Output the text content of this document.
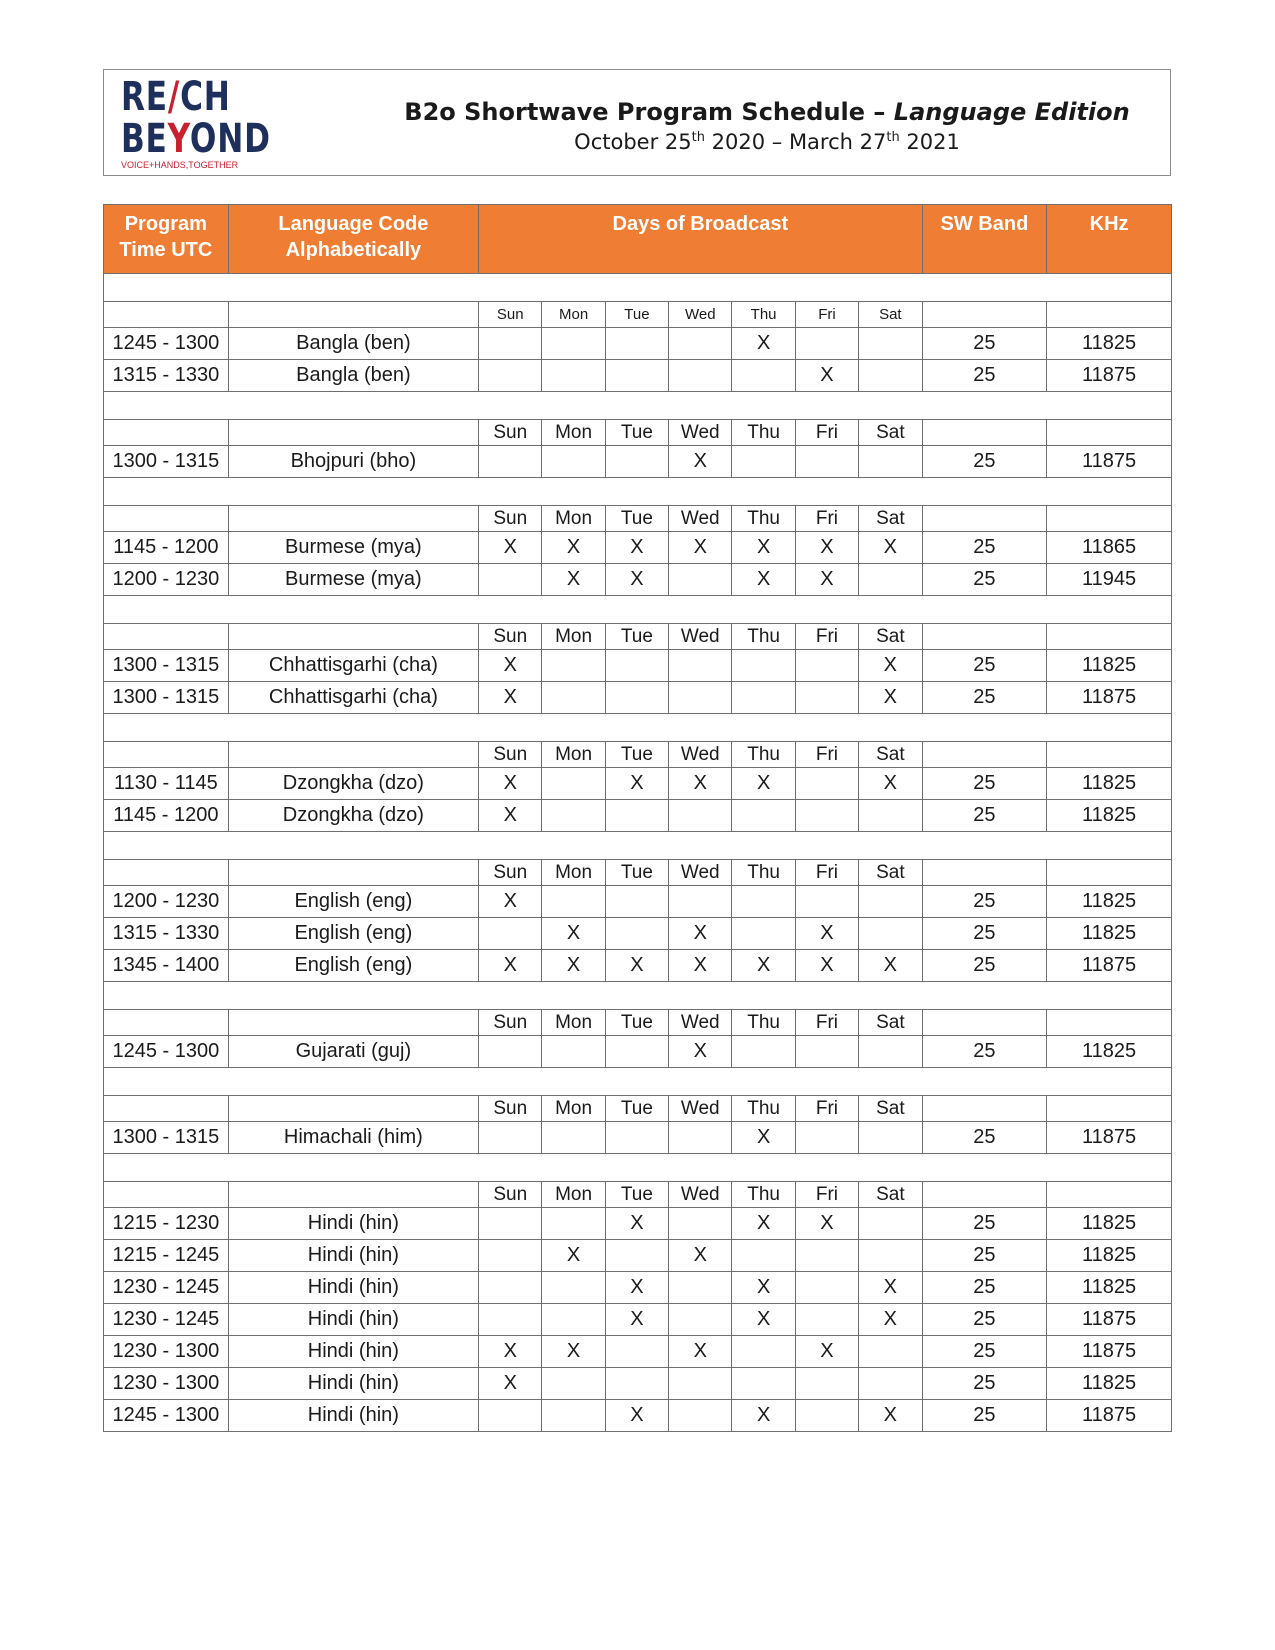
RE/CH
BEYOND
VOICE+HANDS,TOGETHER
B2o Shortwave Program Schedule – Language Edition
October 25th 2020 – March 27th 2021
Program Time UTC	Language Code Alphabetically	Days of Broadcast							SW Band	KHz

		Sun	Mon	Tue	Wed	Thu	Fri	Sat		
1245 - 1300	Bangla (ben)					X			25	11825
1315 - 1330	Bangla (ben)						X		25	11875

		Sun	Mon	Tue	Wed	Thu	Fri	Sat		
1300 - 1315	Bhojpuri (bho)				X				25	11875

		Sun	Mon	Tue	Wed	Thu	Fri	Sat		
1145 - 1200	Burmese (mya)	X	X	X	X	X	X	X	25	11865
1200 - 1230	Burmese (mya)		X	X		X	X		25	11945

		Sun	Mon	Tue	Wed	Thu	Fri	Sat		
1300 - 1315	Chhattisgarhi (cha)	X						X	25	11825
1300 - 1315	Chhattisgarhi (cha)	X						X	25	11875

		Sun	Mon	Tue	Wed	Thu	Fri	Sat		
1130 - 1145	Dzongkha (dzo)	X		X	X	X		X	25	11825
1145 - 1200	Dzongkha (dzo)	X							25	11825

		Sun	Mon	Tue	Wed	Thu	Fri	Sat		
1200 - 1230	English (eng)	X							25	11825
1315 - 1330	English (eng)		X		X		X		25	11825
1345 - 1400	English (eng)	X	X	X	X	X	X	X	25	11875

		Sun	Mon	Tue	Wed	Thu	Fri	Sat		
1245 - 1300	Gujarati (guj)				X				25	11825

		Sun	Mon	Tue	Wed	Thu	Fri	Sat		
1300 - 1315	Himachali (him)					X			25	11875

		Sun	Mon	Tue	Wed	Thu	Fri	Sat		
1215 - 1230	Hindi (hin)			X		X	X		25	11825
1215 - 1245	Hindi (hin)		X		X				25	11825
1230 - 1245	Hindi (hin)			X		X		X	25	11825
1230 - 1245	Hindi (hin)			X		X		X	25	11875
1230 - 1300	Hindi (hin)	X	X		X		X		25	11875
1230 - 1300	Hindi (hin)	X							25	11825
1245 - 1300	Hindi (hin)			X		X		X	25	11875
